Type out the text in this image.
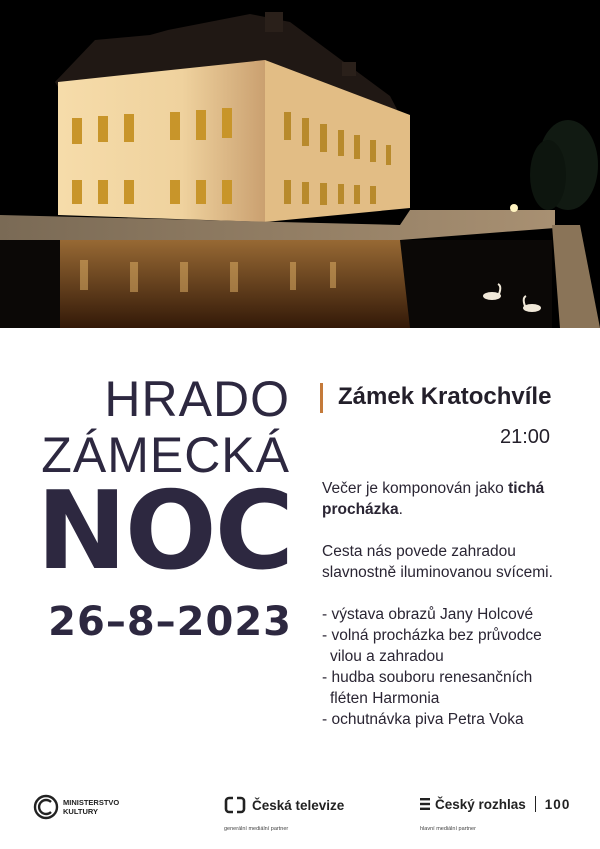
HRADO
ZÁMECKÁ
NOC
26–8–2023
Zámek Kratochvíle
21:00

Večer je komponován jako tichá procházka.

Cesta nás povede zahradou slavnostně iluminovanou svícemi.

- výstava obrazů Jany Holcové
- volná procházka bez průvodce
vilou a zahradou
- hudba souboru renesančních
fléten Harmonia
- ochutnávka piva Petra Voka
MINISTERSTVO
KULTURY	Česká televize
generální mediální partner
Český rozhlas 100
hlavní mediální partner
